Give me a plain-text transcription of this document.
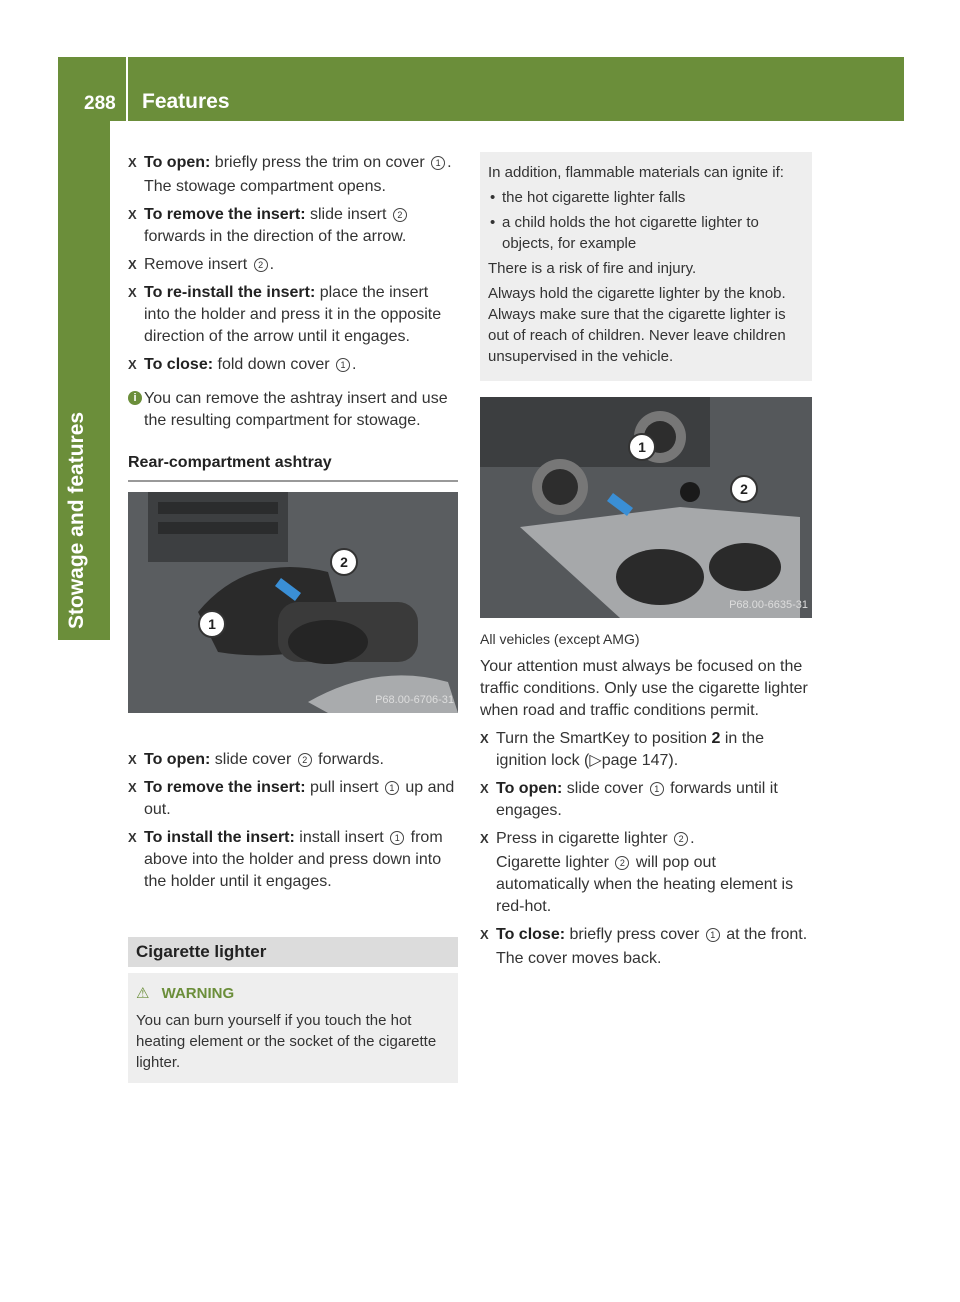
288 Features
Stowage and features
X To open: briefly press the trim on cover 1 .
The stowage compartment opens.
X To remove the insert: slide insert 2 forwards in the direction of the arrow.
X Remove insert 2 .
X To re-install the insert: place the insert into the holder and press it in the opposite direction of the arrow until it engages.
X To close: fold down cover 1 .
i You can remove the ashtray insert and use the resulting compartment for stowage.
Rear-compartment ashtray
2
1
P68.00-6706-31
X To open: slide cover 2 forwards.
X To remove the insert: pull insert 1 up and out.
X To install the insert: install insert 1 from above into the holder and press down into the holder until it engages.
Cigarette lighter
⚠ WARNING
You can burn yourself if you touch the hot heating element or the socket of the cigarette lighter.

In addition, flammable materials can ignite if:

• the hot cigarette lighter falls
• a child holds the hot cigarette lighter to objects, for example

There is a risk of fire and injury.

Always hold the cigarette lighter by the knob. Always make sure that the cigarette lighter is out of reach of children. Never leave children unsupervised in the vehicle.

1
2
P68.00-6635-31
All vehicles (except AMG)
Your attention must always be focused on the traffic conditions. Only use the cigarette lighter when road and traffic conditions permit.
X Turn the SmartKey to position 2 in the ignition lock (▷page 147).
X To open: slide cover 1 forwards until it engages.
X Press in cigarette lighter 2 .
Cigarette lighter 2 will pop out automatically when the heating element is red-hot.
X To close: briefly press cover 1 at the front.
The cover moves back.
